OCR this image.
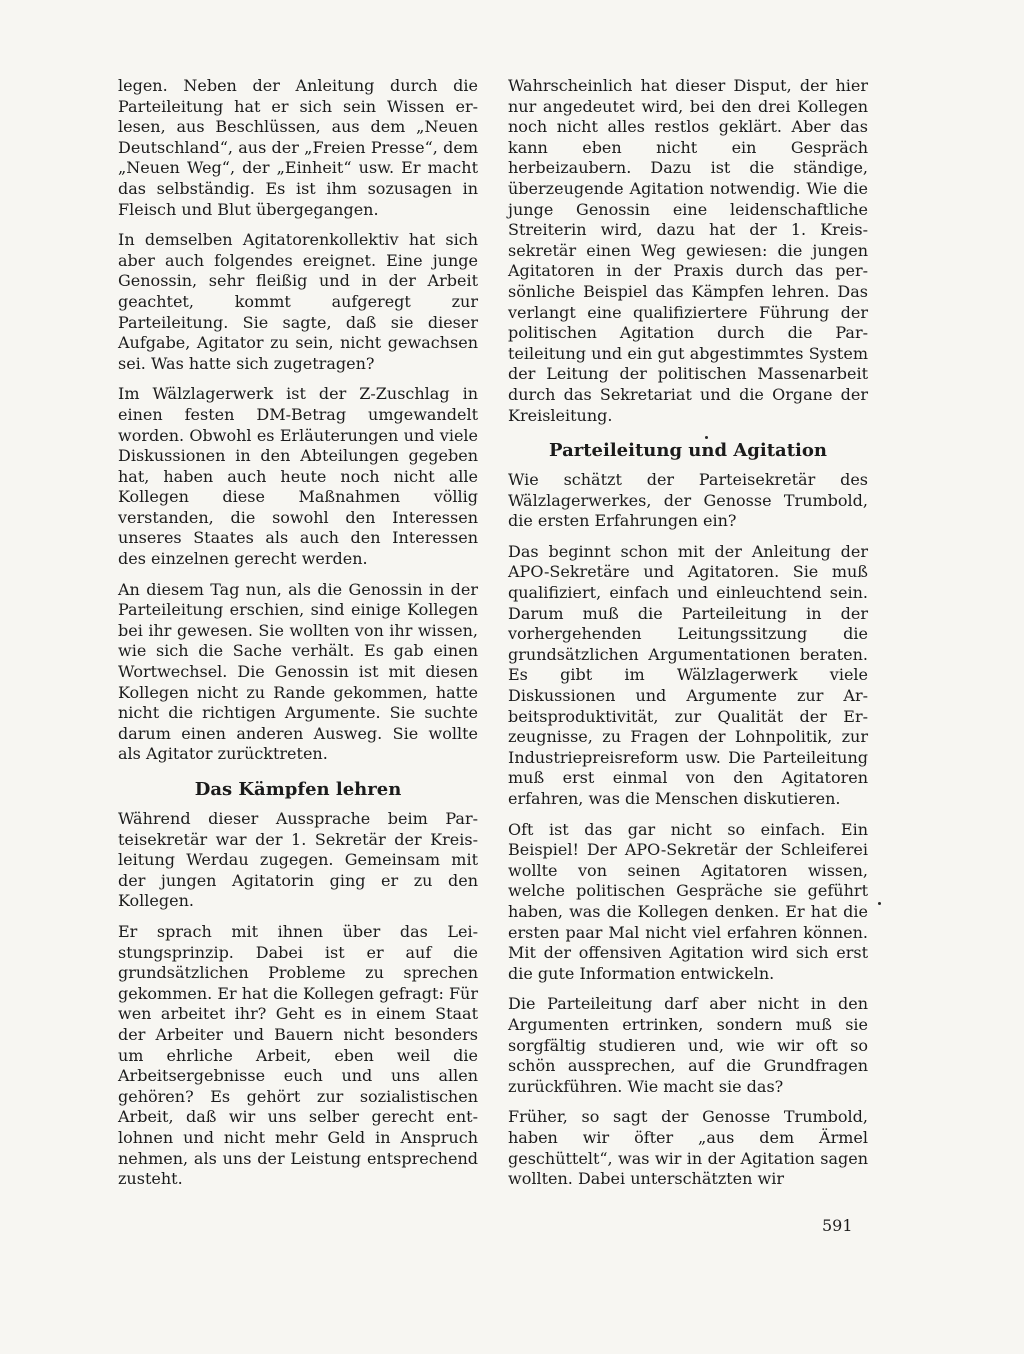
legen. Neben der Anleitung durch die Parteileitung hat er sich sein Wissen erlesen, aus Beschlüssen, aus dem „Neuen Deutschland“, aus der „Freien Presse“, dem „Neuen Weg“, der „Einheit“ usw. Er macht das selbständig. Es ist ihm sozusagen in Fleisch und Blut übergegangen.

In demselben Agitatorenkollektiv hat sich aber auch folgendes ereignet. Eine junge Genossin, sehr fleißig und in der Arbeit geachtet, kommt aufgeregt zur Parteileitung. Sie sagte, daß sie dieser Aufgabe, Agitator zu sein, nicht gewachsen sei. Was hatte sich zugetragen?

Im Wälzlagerwerk ist der Z-Zuschlag in einen festen DM-Betrag umgewandelt worden. Obwohl es Erläuterungen und viele Diskussionen in den Abteilungen gegeben hat, haben auch heute noch nicht alle Kollegen diese Maßnahmen völlig verstanden, die sowohl den Interessen unseres Staates als auch den Interessen des einzelnen gerecht werden.

An diesem Tag nun, als die Genossin in der Parteileitung erschien, sind einige Kollegen bei ihr gewesen. Sie wollten von ihr wissen, wie sich die Sache verhält. Es gab einen Wortwechsel. Die Genossin ist mit diesen Kollegen nicht zu Rande gekommen, hatte nicht die richtigen Argumente. Sie suchte darum einen anderen Ausweg. Sie wollte als Agitator zurücktreten.

Das Kämpfen lehren

Während dieser Aussprache beim Parteisekretär war der 1. Sekretär der Kreisleitung Werdau zugegen. Gemeinsam mit der jungen Agitatorin ging er zu den Kollegen.

Er sprach mit ihnen über das Leistungsprinzip. Dabei ist er auf die grundsätzlichen Probleme zu sprechen gekommen. Er hat die Kollegen gefragt: Für wen arbeitet ihr? Geht es in einem Staat der Arbeiter und Bauern nicht besonders um ehrliche Arbeit, eben weil die Arbeitsergebnisse euch und uns allen gehören? Es gehört zur sozialistischen Arbeit, daß wir uns selber gerecht entlohnen und nicht mehr Geld in Anspruch nehmen, als uns der Leistung entsprechend zusteht.

Wahrscheinlich hat dieser Disput, der hier nur angedeutet wird, bei den drei Kollegen noch nicht alles restlos geklärt. Aber das kann eben nicht ein Gespräch herbeizaubern. Dazu ist die ständige, überzeugende Agitation notwendig. Wie die junge Genossin eine leidenschaftliche Streiterin wird, dazu hat der 1. Kreissekretär einen Weg gewiesen: die jungen Agitatoren in der Praxis durch das persönliche Beispiel das Kämpfen lehren. Das verlangt eine qualifiziertere Führung der politischen Agitation durch die Parteileitung und ein gut abgestimmtes System der Leitung der politischen Massenarbeit durch das Sekretariat und die Organe der Kreisleitung.

Parteileitung und Agitation

Wie schätzt der Parteisekretär des Wälzlagerwerkes, der Genosse Trumbold, die ersten Erfahrungen ein?

Das beginnt schon mit der Anleitung der APO-Sekretäre und Agitatoren. Sie muß qualifiziert, einfach und einleuchtend sein. Darum muß die Parteileitung in der vorhergehenden Leitungssitzung die grundsätzlichen Argumentationen beraten. Es gibt im Wälzlagerwerk viele Diskussionen und Argumente zur Arbeitsproduktivität, zur Qualität der Erzeugnisse, zu Fragen der Lohnpolitik, zur Industriepreisreform usw. Die Parteileitung muß erst einmal von den Agitatoren erfahren, was die Menschen diskutieren.

Oft ist das gar nicht so einfach. Ein Beispiel! Der APO-Sekretär der Schleiferei wollte von seinen Agitatoren wissen, welche politischen Gespräche sie geführt haben, was die Kollegen denken. Er hat die ersten paar Mal nicht viel erfahren können. Mit der offensiven Agitation wird sich erst die gute Information entwickeln.

Die Parteileitung darf aber nicht in den Argumenten ertrinken, sondern muß sie sorgfältig studieren und, wie wir oft so schön aussprechen, auf die Grundfragen zurückführen. Wie macht sie das?

Früher, so sagt der Genosse Trumbold, haben wir öfter „aus dem Ärmel geschüttelt“, was wir in der Agitation sagen wollten. Dabei unterschätzten wir

591
